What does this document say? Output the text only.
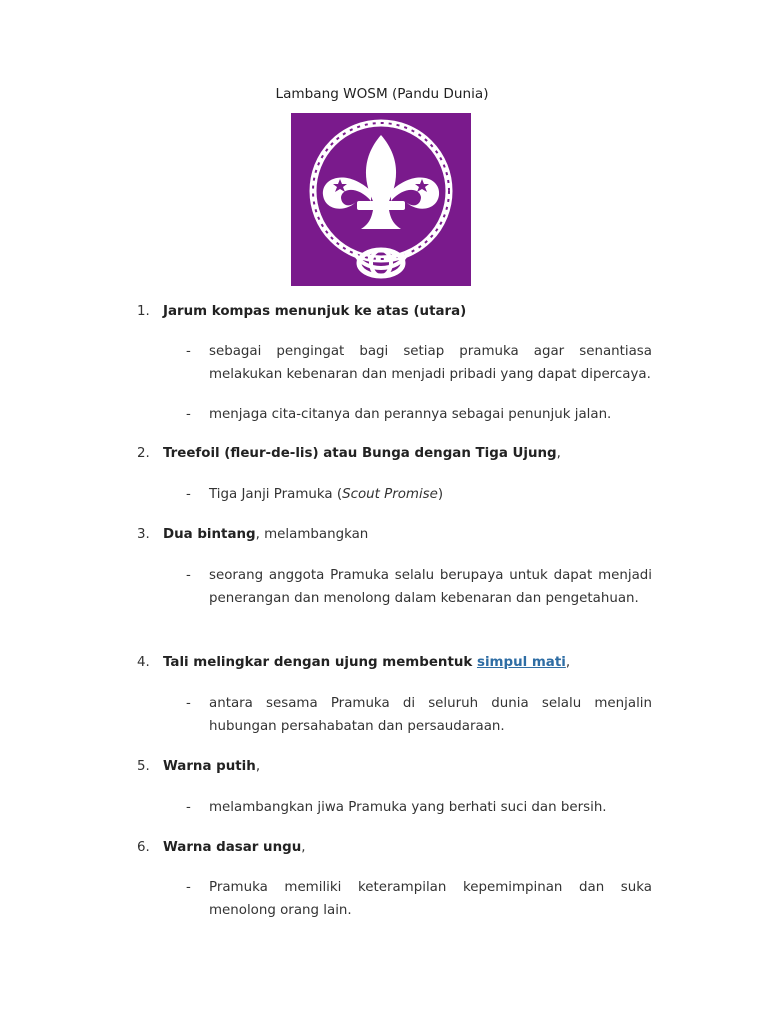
Lambang WOSM (Pandu Dunia)
1. Jarum kompas menunjuk ke atas (utara)
- sebagai pengingat bagi setiap pramuka agar senantiasa melakukan kebenaran dan menjadi pribadi yang dapat dipercaya.
- menjaga cita-citanya dan perannya sebagai penunjuk jalan.
2. Treefoil (fleur-de-lis) atau Bunga dengan Tiga Ujung,
- Tiga Janji Pramuka (Scout Promise)
3. Dua bintang, melambangkan
- seorang anggota Pramuka selalu berupaya untuk dapat menjadi penerangan dan menolong dalam kebenaran dan pengetahuan.
4. Tali melingkar dengan ujung membentuk simpul mati,
- antara sesama Pramuka di seluruh dunia selalu menjalin hubungan persahabatan dan persaudaraan.
5. Warna putih,
- melambangkan jiwa Pramuka yang berhati suci dan bersih.
6. Warna dasar ungu,
- Pramuka memiliki keterampilan kepemimpinan dan suka menolong orang lain.
